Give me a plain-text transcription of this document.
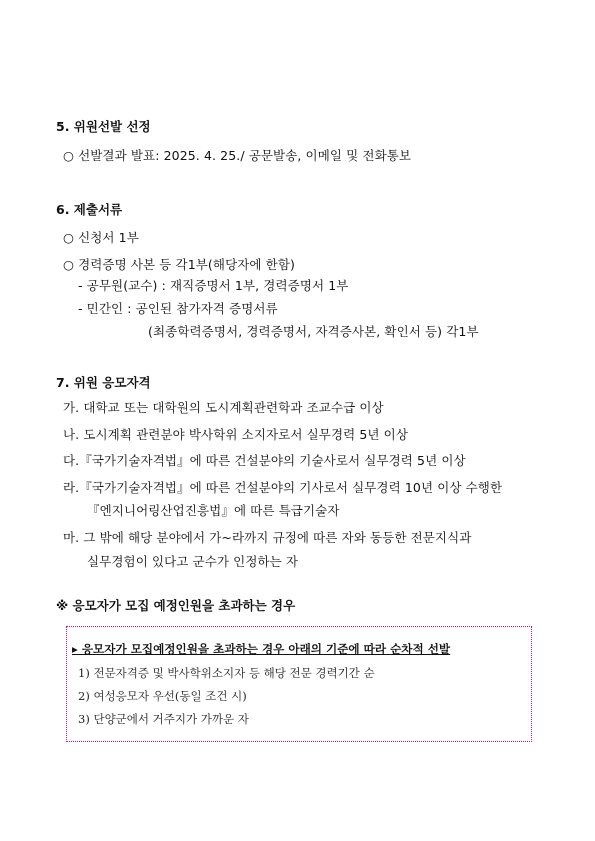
5. 위원선발 선정
○ 선발결과 발표: 2025. 4. 25./ 공문발송, 이메일 및 전화통보
6. 제출서류
○ 신청서 1부
○ 경력증명 사본 등 각1부(해당자에 한함)
- 공무원(교수) : 재직증명서 1부, 경력증명서 1부
- 민간인 : 공인된 참가자격 증명서류
(최종학력증명서, 경력증명서, 자격증사본, 확인서 등) 각1부
7. 위원 응모자격
가. 대학교 또는 대학원의 도시계획관련학과 조교수급 이상
나. 도시계획 관련분야 박사학위 소지자로서 실무경력 5년 이상
다.『국가기술자격법』에 따른 건설분야의 기술사로서 실무경력 5년 이상
라.『국가기술자격법』에 따른 건설분야의 기사로서 실무경력 10년 이상 수행한
『엔지니어링산업진흥법』에 따른 특급기술자
마. 그 밖에 해당 분야에서 가~라까지 규정에 따른 자와 동등한 전문지식과
실무경험이 있다고 군수가 인정하는 자
※ 응모자가 모집 예정인원을 초과하는 경우
▸ 응모자가 모집예정인원을 초과하는 경우 아래의 기준에 따라 순차적 선발
1) 전문자격증 및 박사학위소지자 등 해당 전문 경력기간 순
2) 여성응모자 우선(동일 조건 시)
3) 단양군에서 거주지가 가까운 자
